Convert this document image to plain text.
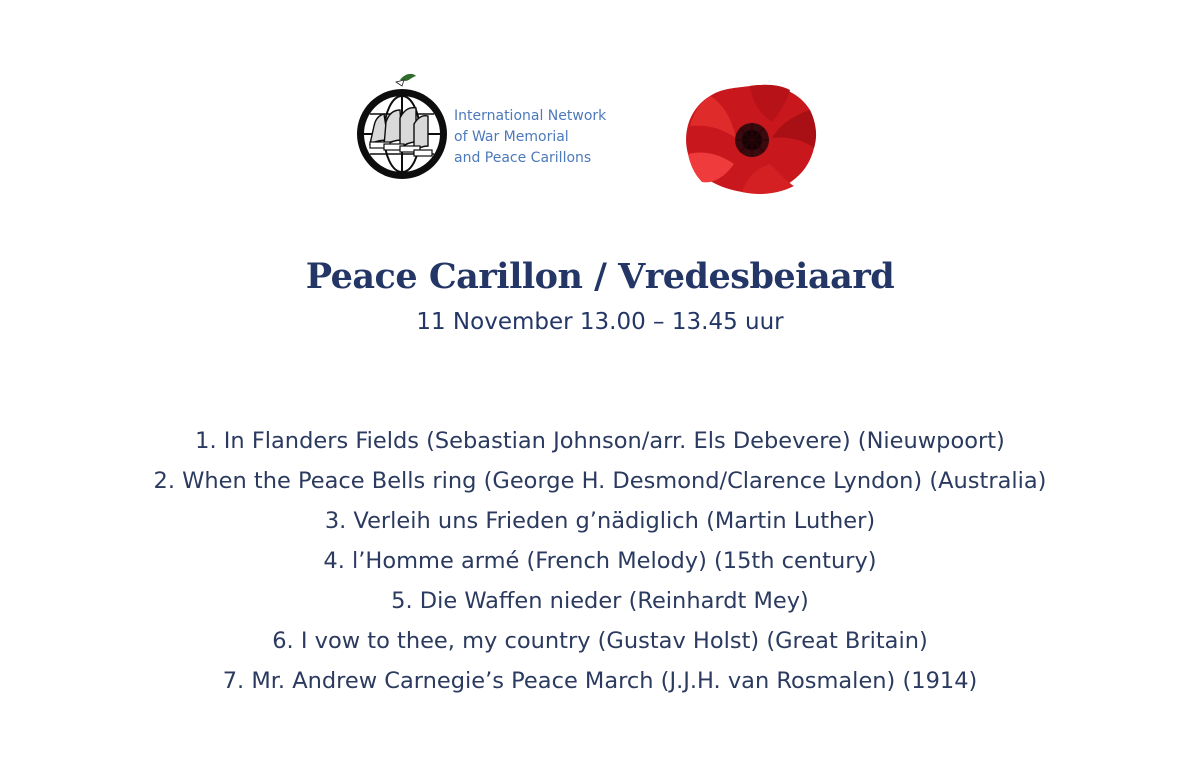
International Network
of War Memorial
and Peace Carillons
Peace Carillon / Vredesbeiaard
11 November 13.00 – 13.45 uur
1. In Flanders Fields (Sebastian Johnson/arr. Els Debevere) (Nieuwpoort)
2. When the Peace Bells ring (George H. Desmond/Clarence Lyndon) (Australia)
3. Verleih uns Frieden g’nädiglich (Martin Luther)
4. l’Homme armé (French Melody) (15th century)
5. Die Waffen nieder (Reinhardt Mey)
6. I vow to thee, my country (Gustav Holst) (Great Britain)
7. Mr. Andrew Carnegie’s Peace March (J.J.H. van Rosmalen) (1914)
